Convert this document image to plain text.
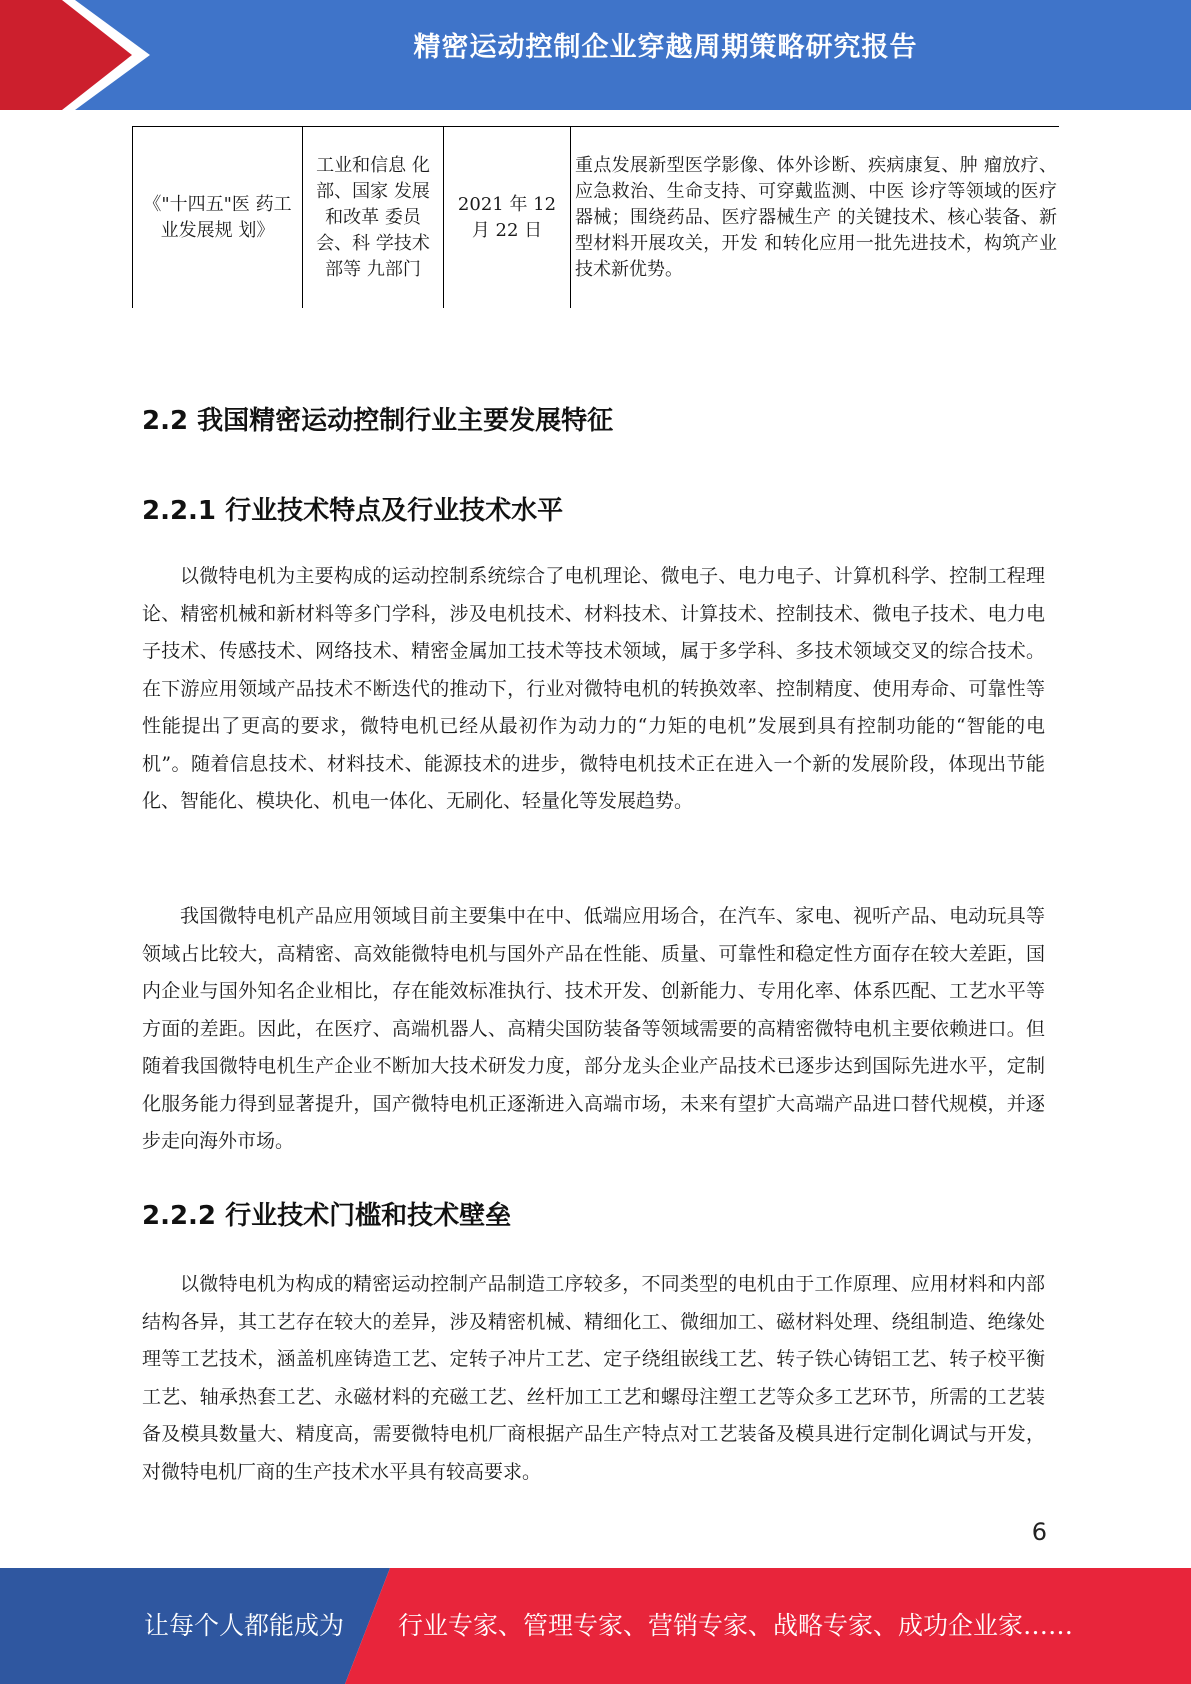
精密运动控制企业穿越周期策略研究报告
《"十四五"医 药工业发展规 划》
工业和信息 化部、国家 发展和改革 委员会、科 学技术部等 九部门
2021 年 12 月 22 日
重点发展新型医学影像、体外诊断、疾病康复、肿 瘤放疗、应急救治、生命支持、可穿戴监测、中医 诊疗等领域的医疗器械；围绕药品、医疗器械生产 的关键技术、核心装备、新型材料开展攻关，开发 和转化应用一批先进技术，构筑产业技术新优势。
2.2 我国精密运动控制行业主要发展特征
2.2.1 行业技术特点及行业技术水平

以微特电机为主要构成的运动控制系统综合了电机理论、微电子、电力电子、计算机科学、控制工程理论、精密机械和新材料等多门学科，涉及电机技术、材料技术、计算技术、控制技术、微电子技术、电力电子技术、传感技术、网络技术、精密金属加工技术等技术领域，属于多学科、多技术领域交叉的综合技术。在下游应用领域产品技术不断迭代的推动下，行业对微特电机的转换效率、控制精度、使用寿命、可靠性等性能提出了更高的要求，微特电机已经从最初作为动力的“力矩的电机”发展到具有控制功能的“智能的电机”。随着信息技术、材料技术、能源技术的进步，微特电机技术正在进入一个新的发展阶段，体现出节能化、智能化、模块化、机电一体化、无刷化、轻量化等发展趋势。

我国微特电机产品应用领域目前主要集中在中、低端应用场合，在汽车、家电、视听产品、电动玩具等领域占比较大，高精密、高效能微特电机与国外产品在性能、质量、可靠性和稳定性方面存在较大差距，国内企业与国外知名企业相比，存在能效标准执行、技术开发、创新能力、专用化率、体系匹配、工艺水平等方面的差距。因此，在医疗、高端机器人、高精尖国防装备等领域需要的高精密微特电机主要依赖进口。但随着我国微特电机生产企业不断加大技术研发力度，部分龙头企业产品技术已逐步达到国际先进水平，定制化服务能力得到显著提升，国产微特电机正逐渐进入高端市场，未来有望扩大高端产品进口替代规模，并逐步走向海外市场。

2.2.2 行业技术门槛和技术壁垒

以微特电机为构成的精密运动控制产品制造工序较多，不同类型的电机由于工作原理、应用材料和内部结构各异，其工艺存在较大的差异，涉及精密机械、精细化工、微细加工、磁材料处理、绕组制造、绝缘处理等工艺技术，涵盖机座铸造工艺、定转子冲片工艺、定子绕组嵌线工艺、转子铁心铸铝工艺、转子校平衡工艺、轴承热套工艺、永磁材料的充磁工艺、丝杆加工工艺和螺母注塑工艺等众多工艺环节，所需的工艺装备及模具数量大、精度高，需要微特电机厂商根据产品生产特点对工艺装备及模具进行定制化调试与开发，对微特电机厂商的生产技术水平具有较高要求。

6
让每个人都能成为 行业专家、管理专家、营销专家、战略专家、成功企业家……
